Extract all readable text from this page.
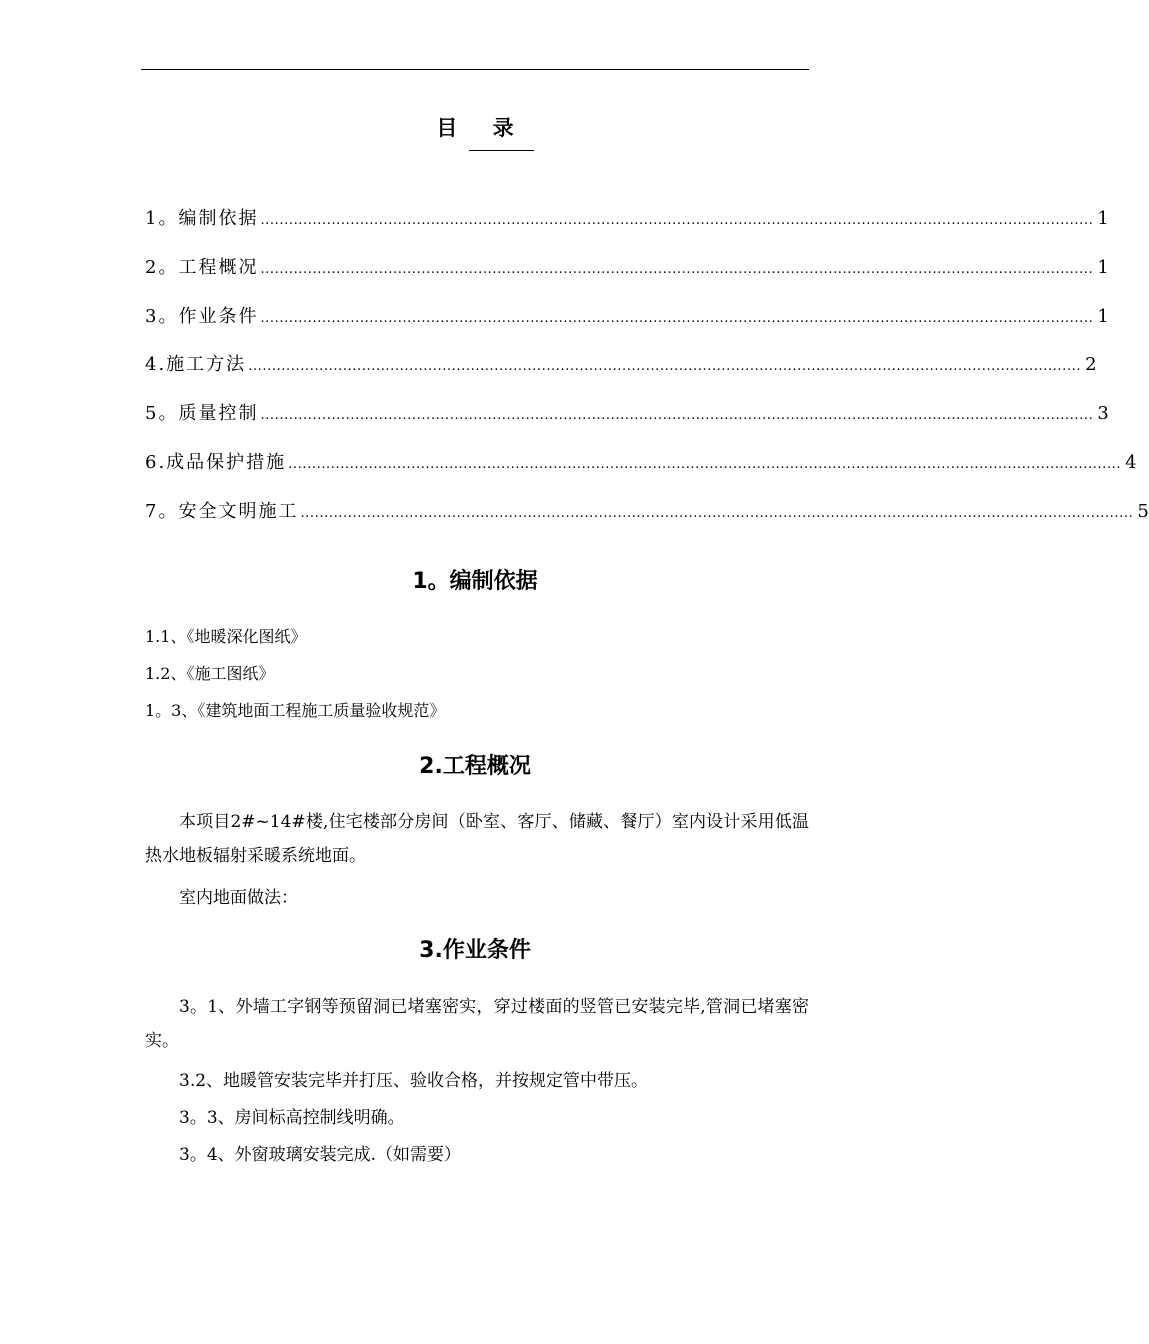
目 录
1。编制依据 ................................................................................................................................................................................ 1
2。工程概况 ................................................................................................................................................................................ 1
3。作业条件 ................................................................................................................................................................................ 1
4.施工方法 ................................................................................................................................................................................ 2
5。质量控制 ................................................................................................................................................................................ 3
6.成品保护措施 ................................................................................................................................................................................ 4
7。安全文明施工 ................................................................................................................................................................................ 5
1。编制依据
1.1、《地暖深化图纸》
1.2、《施工图纸》
1。3、《建筑地面工程施工质量验收规范》
2.工程概况
本项目2#~14#楼,住宅楼部分房间（卧室、客厅、储藏、餐厅）室内设计采用低温热水地板辐射采暖系统地面。
室内地面做法：
3.作业条件
3。1、外墙工字钢等预留洞已堵塞密实，穿过楼面的竖管已安装完毕,管洞已堵塞密实。
3.2、地暖管安装完毕并打压、验收合格，并按规定管中带压。
3。3、房间标高控制线明确。
3。4、外窗玻璃安装完成.（如需要）
